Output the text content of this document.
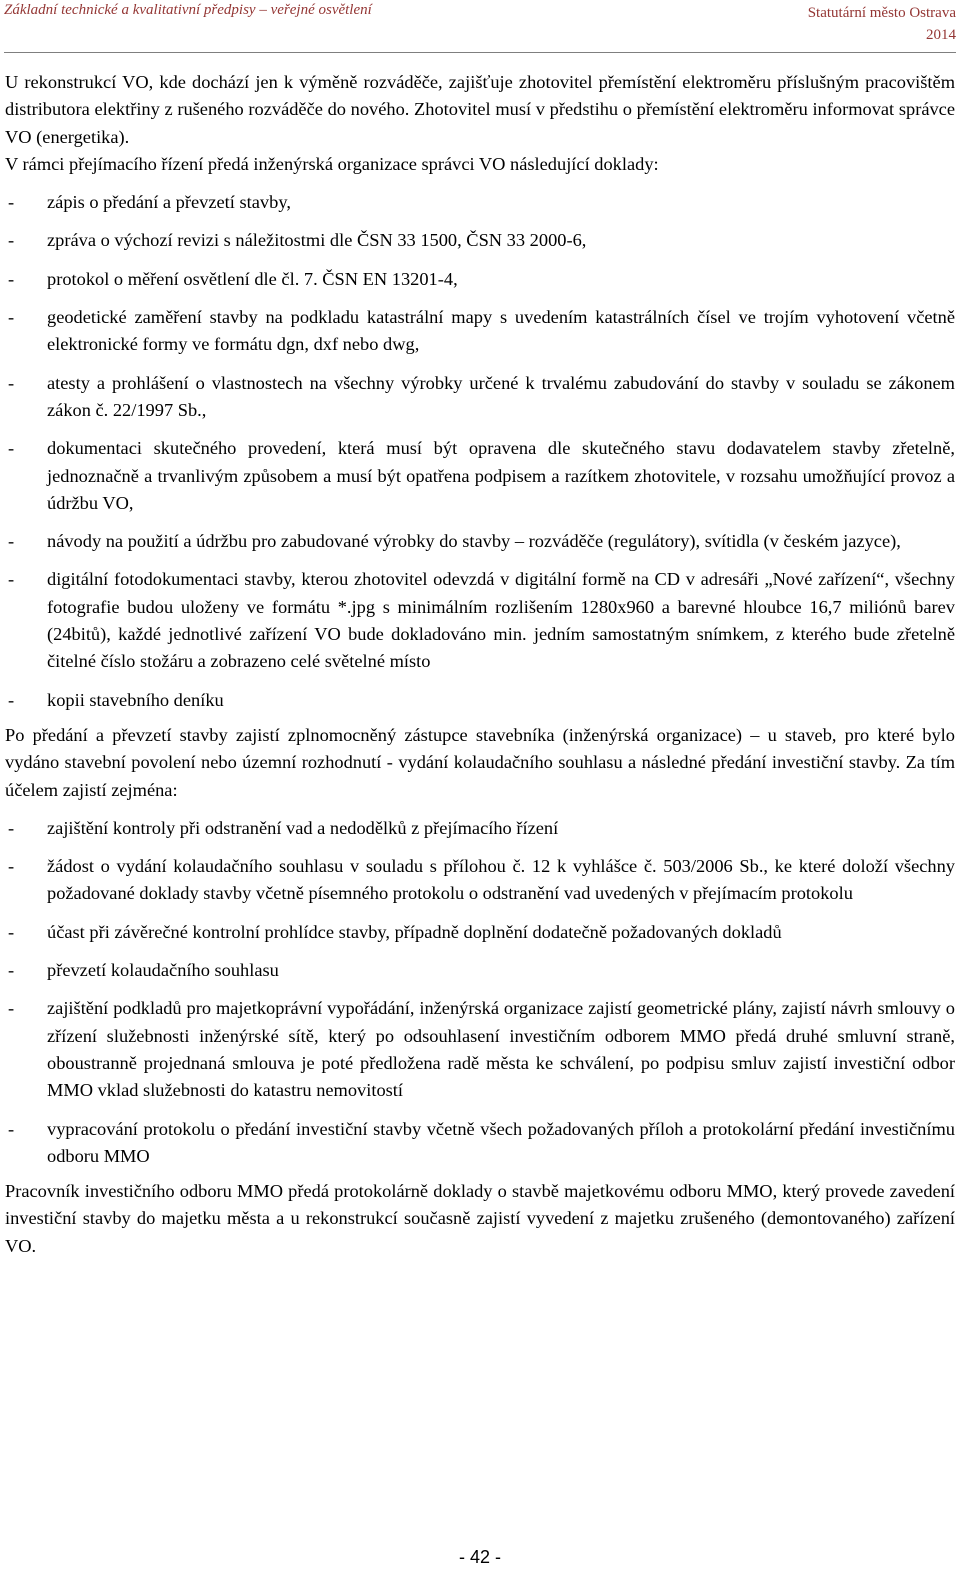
Základní technické a kvalitativní předpisy – veřejné osvětlení	Statutární město Ostrava
2014

U rekonstrukcí VO, kde dochází jen k výměně rozváděče, zajišťuje zhotovitel přemístění elektroměru příslušným pracovištěm distributora elektřiny z rušeného rozváděče do nového. Zhotovitel musí v předstihu o přemístění elektroměru informovat správce VO (energetika).

V rámci přejímacího řízení předá inženýrská organizace správci VO následující doklady:

- zápis o předání a převzetí stavby,
- zpráva o výchozí revizi s náležitostmi dle ČSN 33 1500, ČSN 33 2000-6,
- protokol o měření osvětlení dle čl. 7. ČSN EN 13201-4,
- geodetické zaměření stavby na podkladu katastrální mapy s uvedením katastrálních čísel ve trojím vyhotovení včetně elektronické formy ve formátu dgn, dxf nebo dwg,
- atesty a prohlášení o vlastnostech na všechny výrobky určené k trvalému zabudování do stavby v souladu se zákonem zákon č. 22/1997 Sb.,
- dokumentaci skutečného provedení, která musí být opravena dle skutečného stavu dodavatelem stavby zřetelně, jednoznačně a trvanlivým způsobem a musí být opatřena podpisem a razítkem zhotovitele, v rozsahu umožňující provoz a údržbu VO,
- návody na použití a údržbu pro zabudované výrobky do stavby – rozváděče (regulátory), svítidla (v českém jazyce),
- digitální fotodokumentaci stavby, kterou zhotovitel odevzdá v digitální formě na CD v adresáři „Nové zařízení“, všechny fotografie budou uloženy ve formátu *.jpg s minimálním rozlišením 1280x960 a barevné hloubce 16,7 miliónů barev (24bitů), každé jednotlivé zařízení VO bude dokladováno min. jedním samostatným snímkem, z kterého bude zřetelně čitelné číslo stožáru a zobrazeno celé světelné místo
- kopii stavebního deníku

Po předání a převzetí stavby zajistí zplnomocněný zástupce stavebníka (inženýrská organizace) – u staveb, pro které bylo vydáno stavební povolení nebo územní rozhodnutí - vydání kolaudačního souhlasu a následné předání investiční stavby. Za tím účelem zajistí zejména:

- zajištění kontroly při odstranění vad a nedodělků z přejímacího řízení
- žádost o vydání kolaudačního souhlasu v souladu s přílohou č. 12 k vyhlášce č. 503/2006 Sb., ke které doloží všechny požadované doklady stavby včetně písemného protokolu o odstranění vad uvedených v přejímacím protokolu
- účast při závěrečné kontrolní prohlídce stavby, případně doplnění dodatečně požadovaných dokladů
- převzetí kolaudačního souhlasu
- zajištění podkladů pro majetkoprávní vypořádání, inženýrská organizace zajistí geometrické plány, zajistí návrh smlouvy o zřízení služebnosti inženýrské sítě, který po odsouhlasení investičním odborem MMO předá druhé smluvní straně, oboustranně projednaná smlouva je poté předložena radě města ke schválení, po podpisu smluv zajistí investiční odbor MMO vklad služebnosti do katastru nemovitostí
- vypracování protokolu o předání investiční stavby včetně všech požadovaných příloh a protokolární předání investičnímu odboru MMO

Pracovník investičního odboru MMO předá protokolárně doklady o stavbě majetkovému odboru MMO, který provede zavedení investiční stavby do majetku města a u rekonstrukcí současně zajistí vyvedení z majetku zrušeného (demontovaného) zařízení VO.

- 42 -
